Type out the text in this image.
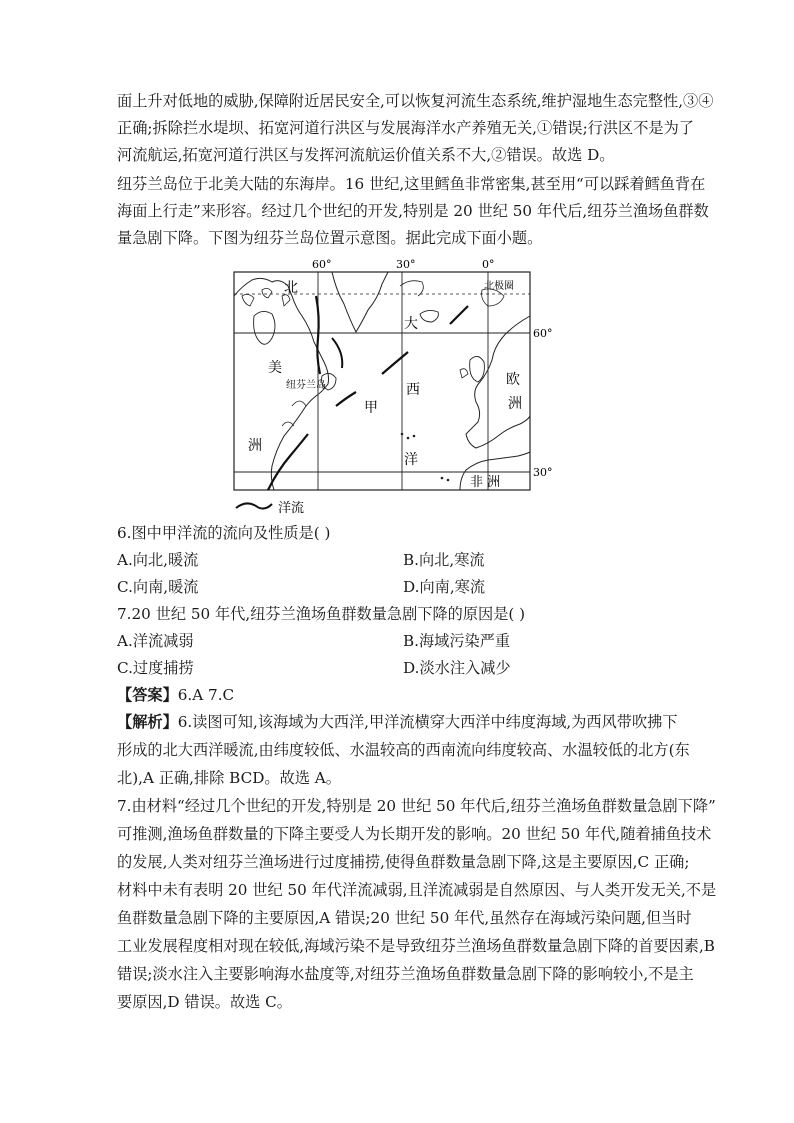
面上升对低地的威胁,保障附近居民安全,可以恢复河流生态系统,维护湿地生态完整性,③④
正确;拆除拦水堤坝、拓宽河道行洪区与发展海洋水产养殖无关,①错误;行洪区不是为了
河流航运,拓宽河道行洪区与发挥河流航运价值关系不大,②错误。故选 D。
纽芬兰岛位于北美大陆的东海岸。16 世纪,这里鳕鱼非常密集,甚至用“可以踩着鳕鱼背在
海面上行走”来形容。经过几个世纪的开发,特别是 20 世纪 50 年代后,纽芬兰渔场鱼群数
量急剧下降。下图为纽芬兰岛位置示意图。据此完成下面小题。
60°	30°	0°
60°
30°
北极圈
北
美
洲
纽芬兰岛
大
西
洋
甲
欧
洲
非 洲
洋流
6.图中甲洋流的流向及性质是( )
A.向北,暖流	B.向北,寒流
C.向南,暖流	D.向南,寒流
7.20 世纪 50 年代,纽芬兰渔场鱼群数量急剧下降的原因是( )
A.洋流减弱	B.海域污染严重
C.过度捕捞	D.淡水注入减少
【答案】6.A 7.C
【解析】6.读图可知,该海域为大西洋,甲洋流横穿大西洋中纬度海域,为西风带吹拂下
形成的北大西洋暖流,由纬度较低、水温较高的西南流向纬度较高、水温较低的北方(东
北),A 正确,排除 BCD。故选 A。
7.由材料“经过几个世纪的开发,特别是 20 世纪 50 年代后,纽芬兰渔场鱼群数量急剧下降”
可推测,渔场鱼群数量的下降主要受人为长期开发的影响。20 世纪 50 年代,随着捕鱼技术
的发展,人类对纽芬兰渔场进行过度捕捞,使得鱼群数量急剧下降,这是主要原因,C 正确;
材料中未有表明 20 世纪 50 年代洋流减弱,且洋流减弱是自然原因、与人类开发无关,不是
鱼群数量急剧下降的主要原因,A 错误;20 世纪 50 年代,虽然存在海域污染问题,但当时
工业发展程度相对现在较低,海域污染不是导致纽芬兰渔场鱼群数量急剧下降的首要因素,B
错误;淡水注入主要影响海水盐度等,对纽芬兰渔场鱼群数量急剧下降的影响较小,不是主
要原因,D 错误。故选 C。
